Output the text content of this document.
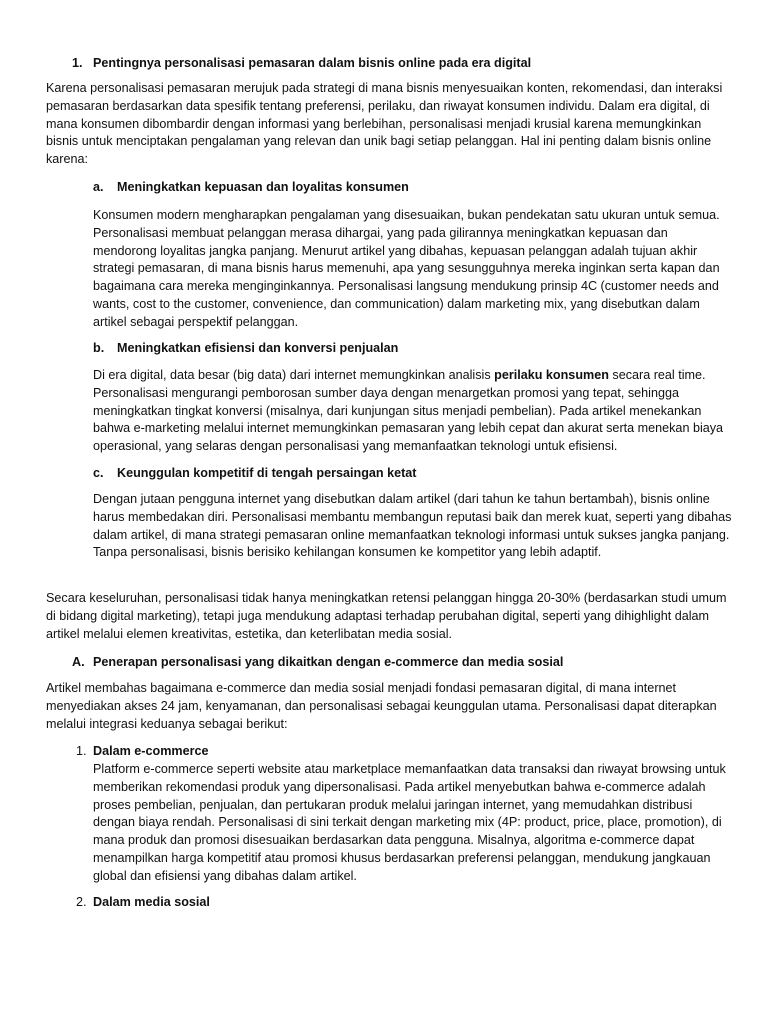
1. Pentingnya personalisasi pemasaran dalam bisnis online pada era digital

Karena personalisasi pemasaran merujuk pada strategi di mana bisnis menyesuaikan konten, rekomendasi, dan interaksi pemasaran berdasarkan data spesifik tentang preferensi, perilaku, dan riwayat konsumen individu. Dalam era digital, di mana konsumen dibombardir dengan informasi yang berlebihan, personalisasi menjadi krusial karena memungkinkan bisnis untuk menciptakan pengalaman yang relevan dan unik bagi setiap pelanggan. Hal ini penting dalam bisnis online karena:

a. Meningkatkan kepuasan dan loyalitas konsumen

Konsumen modern mengharapkan pengalaman yang disesuaikan, bukan pendekatan satu ukuran untuk semua. Personalisasi membuat pelanggan merasa dihargai, yang pada gilirannya meningkatkan kepuasan dan mendorong loyalitas jangka panjang. Menurut artikel yang dibahas, kepuasan pelanggan adalah tujuan akhir strategi pemasaran, di mana bisnis harus memenuhi, apa yang sesungguhnya mereka inginkan serta kapan dan bagaimana cara mereka menginginkannya. Personalisasi langsung mendukung prinsip 4C (customer needs and wants, cost to the customer, convenience, dan communication) dalam marketing mix, yang disebutkan dalam artikel sebagai perspektif pelanggan.

b. Meningkatkan efisiensi dan konversi penjualan

Di era digital, data besar (big data) dari internet memungkinkan analisis perilaku konsumen secara real time. Personalisasi mengurangi pemborosan sumber daya dengan menargetkan promosi yang tepat, sehingga meningkatkan tingkat konversi (misalnya, dari kunjungan situs menjadi pembelian). Pada artikel menekankan bahwa e-marketing melalui internet memungkinkan pemasaran yang lebih cepat dan akurat serta menekan biaya operasional, yang selaras dengan personalisasi yang memanfaatkan teknologi untuk efisiensi.

c. Keunggulan kompetitif di tengah persaingan ketat

Dengan jutaan pengguna internet yang disebutkan dalam artikel (dari tahun ke tahun bertambah), bisnis online harus membedakan diri. Personalisasi membantu membangun reputasi baik dan merek kuat, seperti yang dibahas dalam artikel, di mana strategi pemasaran online memanfaatkan teknologi informasi untuk sukses jangka panjang. Tanpa personalisasi, bisnis berisiko kehilangan konsumen ke kompetitor yang lebih adaptif.

Secara keseluruhan, personalisasi tidak hanya meningkatkan retensi pelanggan hingga 20-30% (berdasarkan studi umum di bidang digital marketing), tetapi juga mendukung adaptasi terhadap perubahan digital, seperti yang dihighlight dalam artikel melalui elemen kreativitas, estetika, dan keterlibatan media sosial.

A. Penerapan personalisasi yang dikaitkan dengan e-commerce dan media sosial

Artikel membahas bagaimana e-commerce dan media sosial menjadi fondasi pemasaran digital, di mana internet menyediakan akses 24 jam, kenyamanan, dan personalisasi sebagai keunggulan utama. Personalisasi dapat diterapkan melalui integrasi keduanya sebagai berikut:

1. Dalam e-commerce

Platform e-commerce seperti website atau marketplace memanfaatkan data transaksi dan riwayat browsing untuk memberikan rekomendasi produk yang dipersonalisasi. Pada artikel menyebutkan bahwa e-commerce adalah proses pembelian, penjualan, dan pertukaran produk melalui jaringan internet, yang memudahkan distribusi dengan biaya rendah. Personalisasi di sini terkait dengan marketing mix (4P: product, price, place, promotion), di mana produk dan promosi disesuaikan berdasarkan data pengguna. Misalnya, algoritma e-commerce dapat menampilkan harga kompetitif atau promosi khusus berdasarkan preferensi pelanggan, mendukung jangkauan global dan efisiensi yang dibahas dalam artikel.

2. Dalam media sosial
